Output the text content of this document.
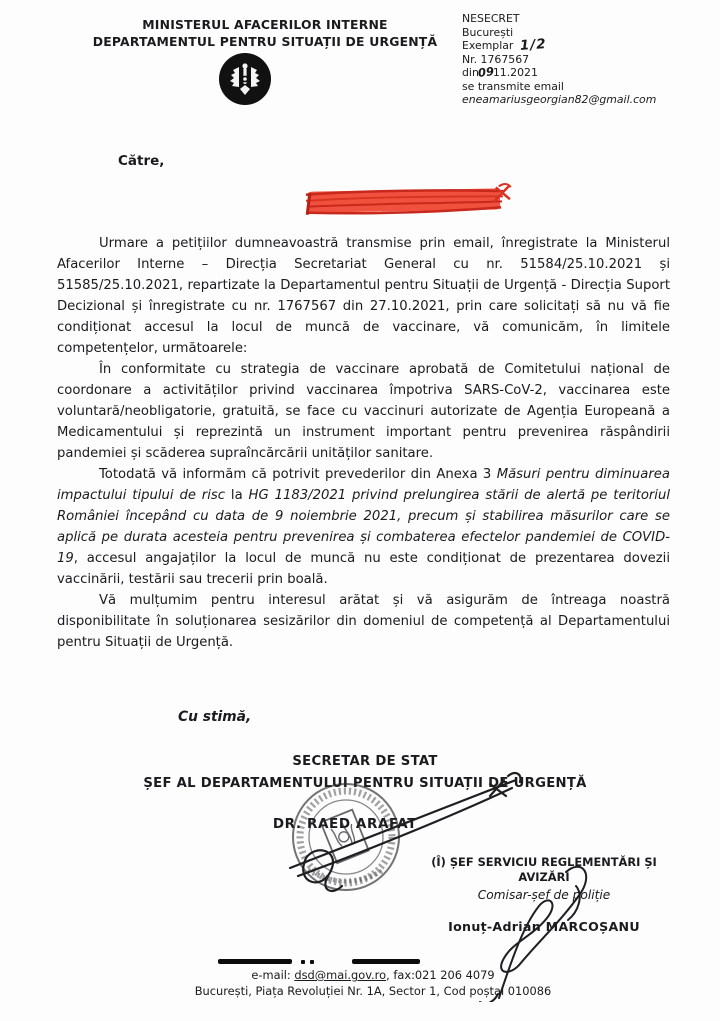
MINISTERUL AFACERILOR INTERNE
DEPARTAMENTUL PENTRU SITUAȚII DE URGENȚĂ
NESECRET
București
Exemplar 1/2
Nr. 1767567
din0911.2021
se transmite email
eneamariusgeorgian82@gmail.com
Către,

Urmare a petițiilor dumneavoastră transmise prin email, înregistrate la Ministerul Afacerilor Interne – Direcția Secretariat General cu nr. 51584/25.10.2021 și 51585/25.10.2021, repartizate la Departamentul pentru Situații de Urgență - Direcția Suport Decizional și înregistrate cu nr. 1767567 din 27.10.2021, prin care solicitați să nu vă fie condiționat accesul la locul de muncă de vaccinare, vă comunicăm, în limitele competențelor, următoarele:

În conformitate cu strategia de vaccinare aprobată de Comitetului național de coordonare a activităților privind vaccinarea împotriva SARS-CoV-2, vaccinarea este voluntară/neobligatorie, gratuită, se face cu vaccinuri autorizate de Agenția Europeană a Medicamentului și reprezintă un instrument important pentru prevenirea răspândirii pandemiei și scăderea supraîncărcării unităților sanitare.

Totodată vă informăm că potrivit prevederilor din Anexa 3 Măsuri pentru diminuarea impactului tipului de risc la HG 1183/2021 privind prelungirea stării de alertă pe teritoriul României începând cu data de 9 noiembrie 2021, precum și stabilirea măsurilor care se aplică pe durata acesteia pentru prevenirea și combaterea efectelor pandemiei de COVID-19, accesul angajaților la locul de muncă nu este condiționat de prezentarea dovezii vaccinării, testării sau trecerii prin boală.

Vă mulțumim pentru interesul arătat și vă asigurăm de întreaga noastră disponibilitate în soluționarea sesizărilor din domeniul de competență al Departamentului pentru Situații de Urgență.

Cu stimă,
SECRETAR DE STAT
ȘEF AL DEPARTAMENTULUI PENTRU SITUAȚII DE URGENȚĂ
DR. RAED ARAFAT
(Î) ȘEF SERVICIU REGLEMENTĂRI ȘI
AVIZĂRI
Comisar-șef de poliție
Ionuț-Adrian MARCOȘANU
e-mail: dsd@mai.gov.ro, fax:021 206 4079
București, Piața Revoluției Nr. 1A, Sector 1, Cod poștal 010086
